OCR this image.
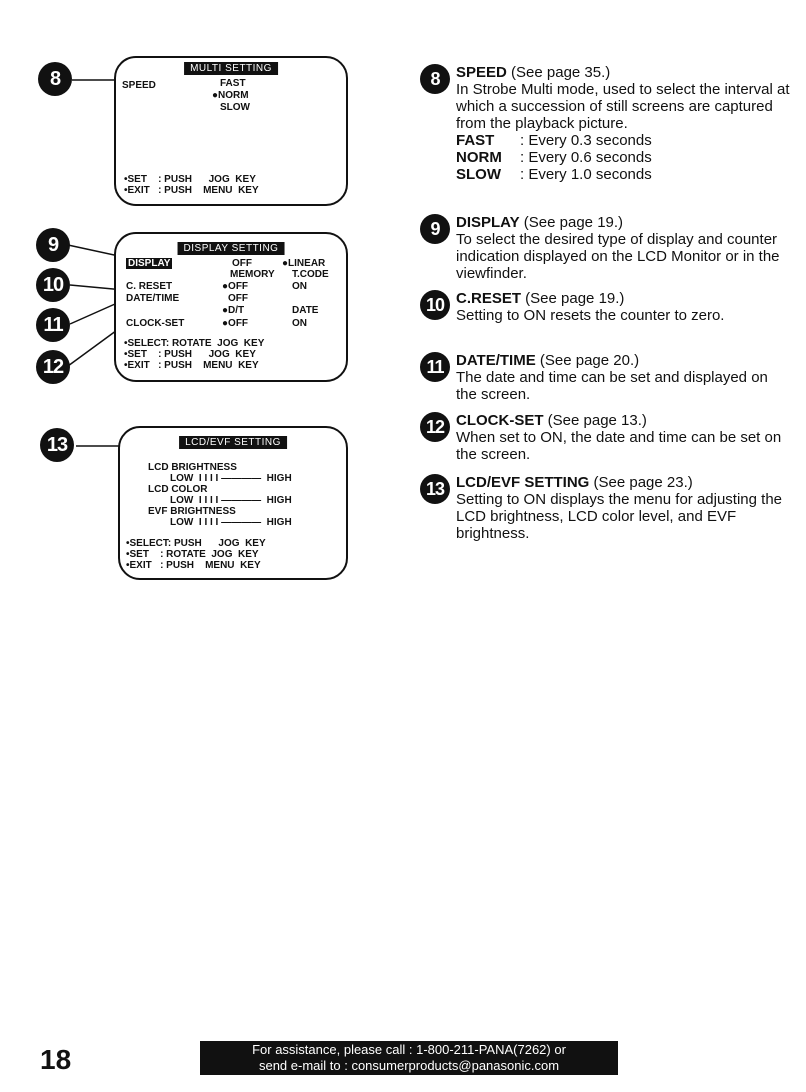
8
9
10
11
12
13
MULTI SETTING
SPEED	FAST
●NORM
SLOW
•SET    : PUSH      JOG  KEY
•EXIT   : PUSH    MENU  KEY
DISPLAY SETTING
DISPLAY	OFF	●LINEAR
MEMORY T.CODE
C. RESET	●OFF	ON
DATE/TIME	OFF
●D/T	DATE
CLOCK-SET	●OFF	ON
•SELECT: ROTATE  JOG  KEY
•SET    : PUSH      JOG  KEY
•EXIT   : PUSH    MENU  KEY
LCD/EVF SETTING
LCD BRIGHTNESS
LOW  I I I I ————  HIGH
LCD COLOR
LOW  I I I I ————  HIGH
EVF BRIGHTNESS
LOW  I I I I ————  HIGH
•SELECT: PUSH      JOG  KEY
•SET    : ROTATE  JOG  KEY
•EXIT   : PUSH    MENU  KEY
8	SPEED (See page 35.)
In Strobe Multi mode, used to select the interval at which a succession of still screens are captured from the playback picture.
FAST	: Every 0.3 seconds
NORM	: Every 0.6 seconds
SLOW	: Every 1.0 seconds
9	DISPLAY (See page 19.)
To select the desired type of display and counter indication displayed on the LCD Monitor or in the viewfinder.
10 C.RESET (See page 19.)
Setting to ON resets the counter to zero.
11 DATE/TIME (See page 20.)
The date and time can be set and displayed on the screen.
12 CLOCK-SET (See page 13.)
When set to ON, the date and time can be set on the screen.
13 LCD/EVF SETTING (See page 23.)
Setting to ON displays the menu for adjusting the LCD brightness, LCD color level, and EVF brightness.
18	For assistance, please call : 1-800-211-PANA(7262) or
send e-mail to : consumerproducts@panasonic.com
